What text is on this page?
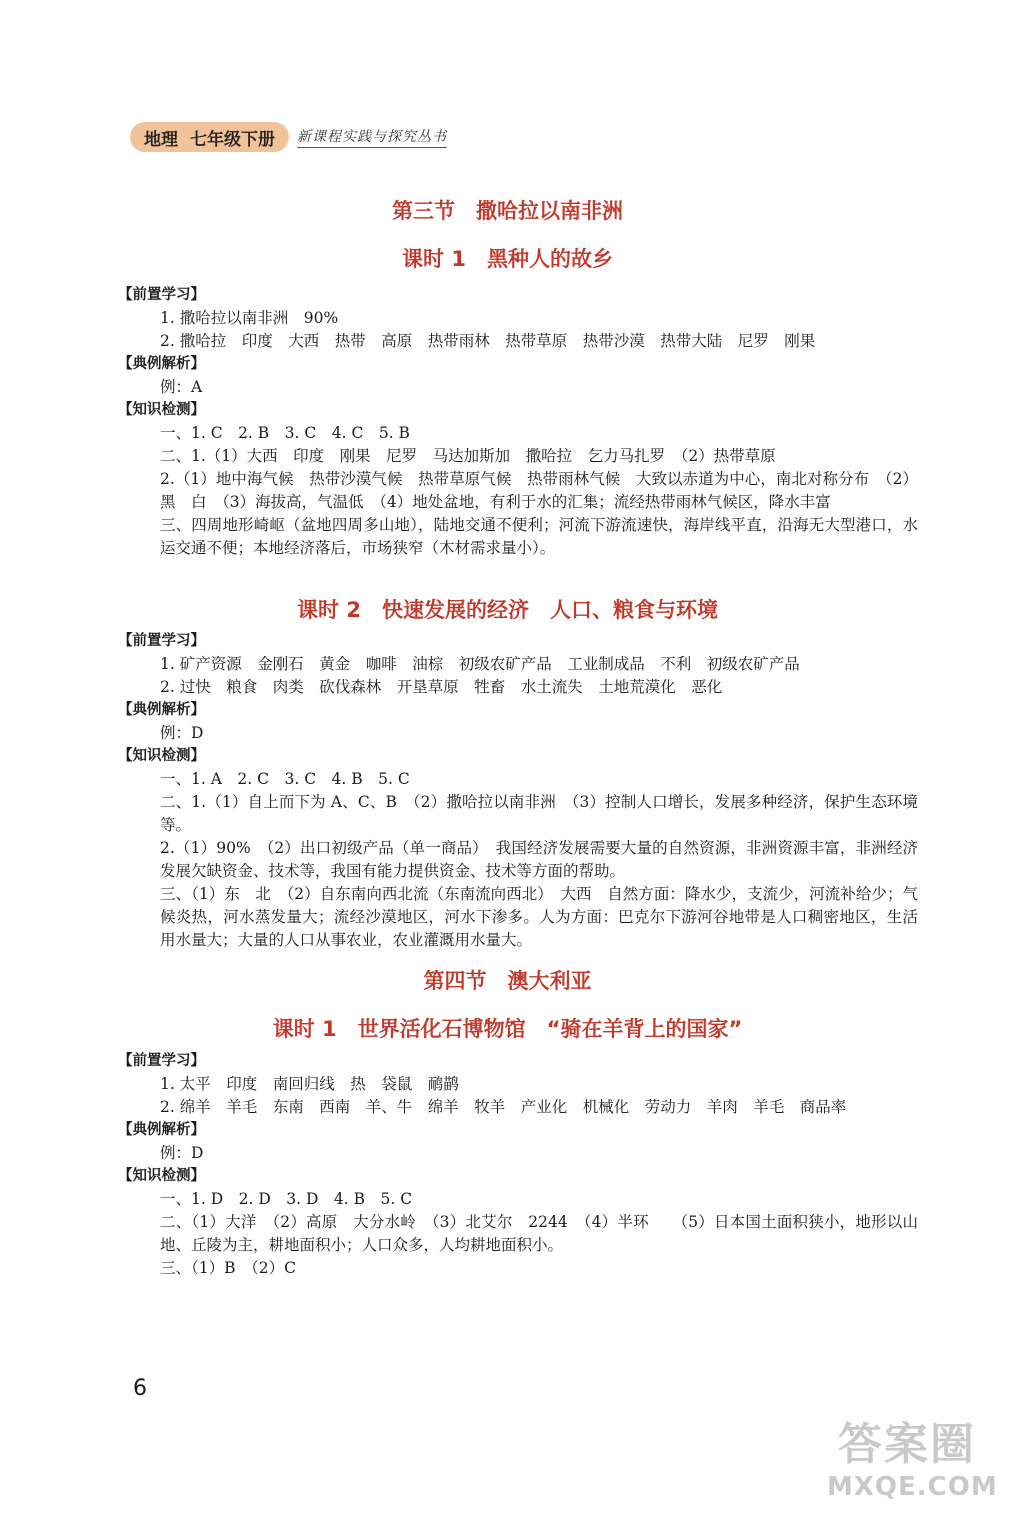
地理 七年级下册 新课程实践与探究丛书
第三节　撒哈拉以南非洲
课时 1　黑种人的故乡
【前置学习】
1. 撒哈拉以南非洲　90%
2. 撒哈拉　印度　大西　热带　高原　热带雨林　热带草原　热带沙漠　热带大陆　尼罗　刚果
【典例解析】
例：A
【知识检测】
一、1. C　2. B　3. C　4. C　5. B
二、1.（1）大西　印度　刚果　尼罗　马达加斯加　撒哈拉　乞力马扎罗　（2）热带草原
2.（1）地中海气候　热带沙漠气候　热带草原气候　热带雨林气候　大致以赤道为中心，南北对称分布　（2）黑　白　（3）海拔高，气温低　（4）地处盆地，有利于水的汇集；流经热带雨林气候区，降水丰富
三、四周地形崎岖（盆地四周多山地），陆地交通不便利；河流下游流速快，海岸线平直，沿海无大型港口，水运交通不便；本地经济落后，市场狭窄（木材需求量小）。
课时 2　快速发展的经济　人口、粮食与环境
【前置学习】
1. 矿产资源　金刚石　黄金　咖啡　油棕　初级农矿产品　工业制成品　不利　初级农矿产品
2. 过快　粮食　肉类　砍伐森林　开垦草原　牲畜　水土流失　土地荒漠化　恶化
【典例解析】
例：D
【知识检测】
一、1. A　2. C　3. C　4. B　5. C
二、1.（1）自上而下为 A、C、B　（2）撒哈拉以南非洲　（3）控制人口增长，发展多种经济，保护生态环境等。
2.（1）90%　（2）出口初级产品（单一商品）　我国经济发展需要大量的自然资源，非洲资源丰富，非洲经济发展欠缺资金、技术等，我国有能力提供资金、技术等方面的帮助。
三、（1）东　北　（2）自东南向西北流（东南流向西北）　大西　自然方面：降水少，支流少，河流补给少；气候炎热，河水蒸发量大；流经沙漠地区，河水下渗多。人为方面：巴克尔下游河谷地带是人口稠密地区，生活用水量大；大量的人口从事农业，农业灌溉用水量大。
第四节　澳大利亚
课时 1　世界活化石博物馆　“骑在羊背上的国家”
【前置学习】
1. 太平　印度　南回归线　热　袋鼠　鸸鹋
2. 绵羊　羊毛　东南　西南　羊、牛　绵羊　牧羊　产业化　机械化　劳动力　羊肉　羊毛　商品率
【典例解析】
例：D
【知识检测】
一、1. D　2. D　3. D　4. B　5. C
二、（1）大洋　（2）高原　大分水岭　（3）北艾尔　2244　（4）半环　　（5）日本国土面积狭小，地形以山地、丘陵为主，耕地面积小；人口众多，人均耕地面积小。
三、（1）B　（2）C
6
答案圈
MXQE.COM
